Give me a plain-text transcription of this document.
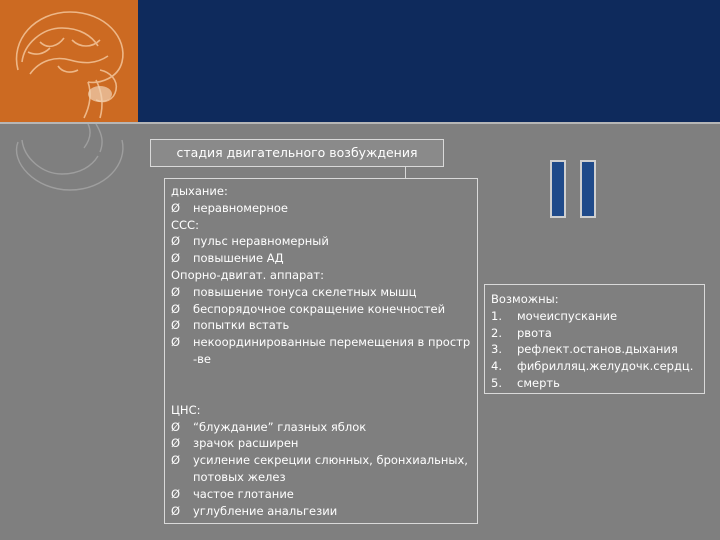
стадия двигательного возбуждения
дыхание:
Ø	неравномерное
ССС:
Ø	пульс неравномерный
Ø	повышение АД
Опорно-двигат. аппарат:
Ø	повышение тонуса скелетных мышц
Ø	беспорядочное сокращение конечностей
Ø	попытки встать
Ø	некоординированные перемещения в простр
-ве
ЦНС:
Ø	“блуждание” глазных яблок
Ø	зрачок расширен
Ø	усиление секреции слюнных, бронхиальных,
потовых желез
Ø	частое глотание
Ø	углубление анальгезии
Возможны:
1.	мочеиспускание
2.	рвота
3.	рефлект.останов.дыхания
4.	фибрилляц.желудочк.сердц.
5.	смерть
